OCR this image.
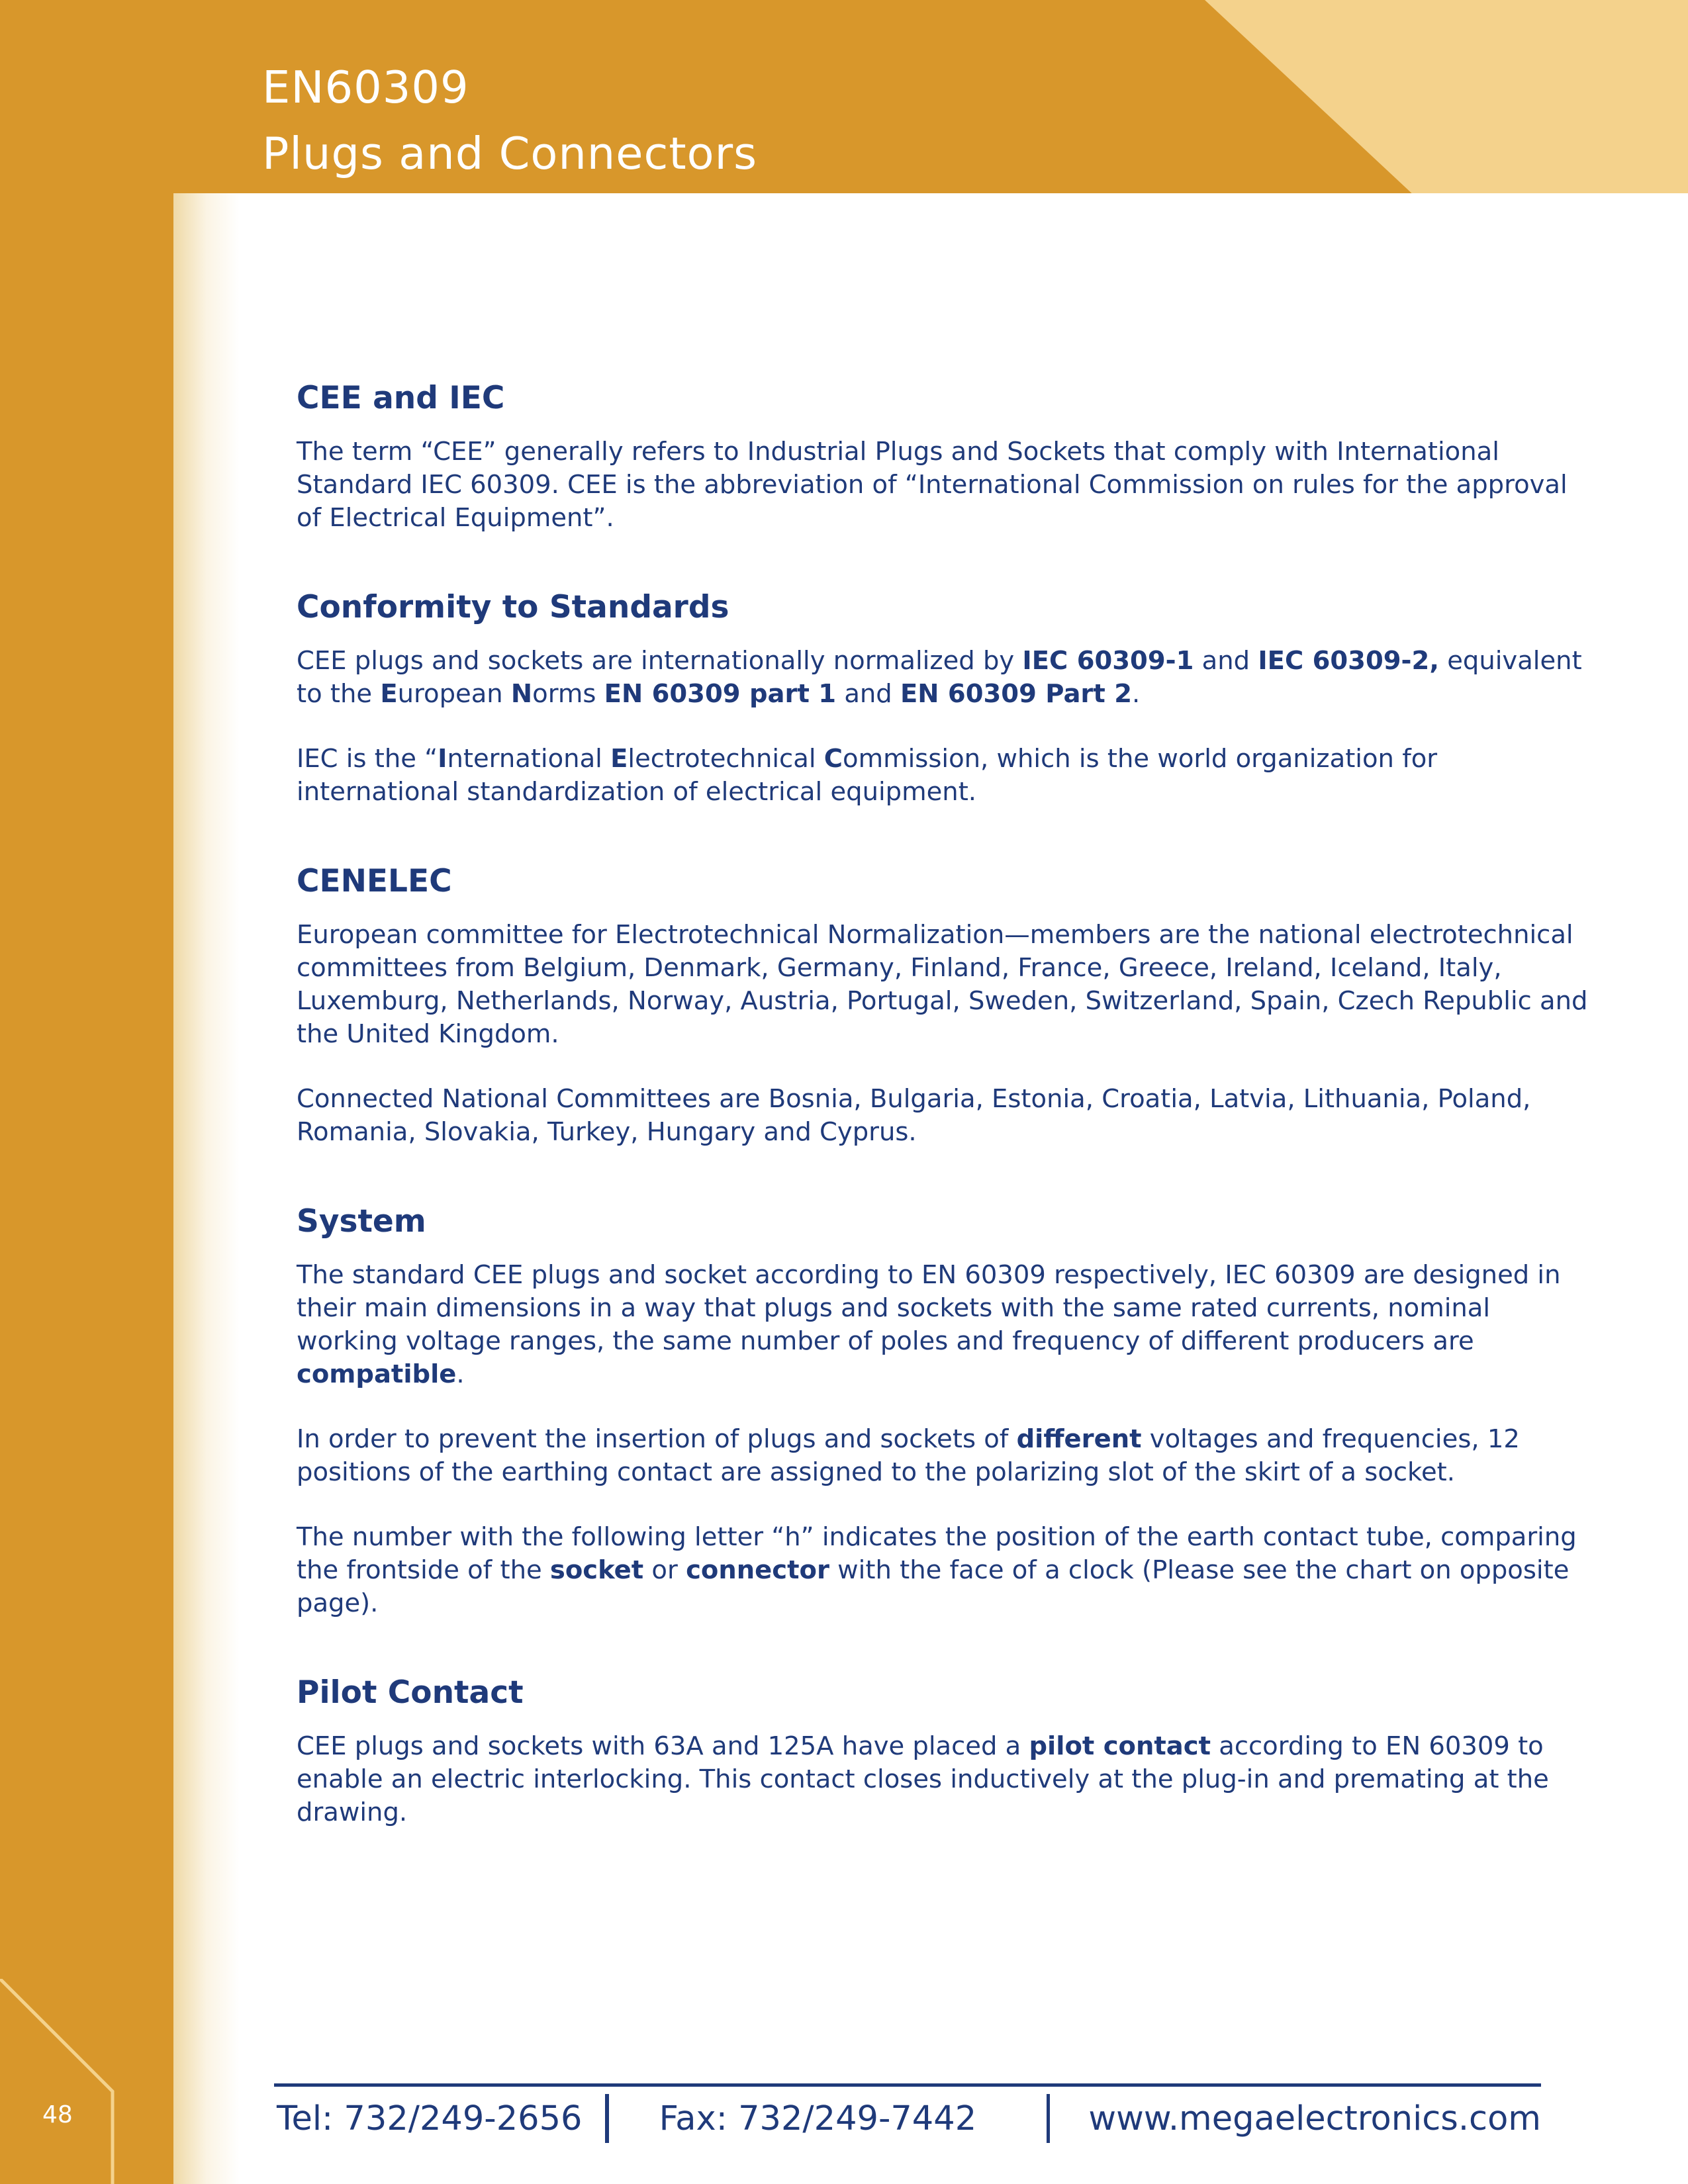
EN60309
Plugs and Connectors
CEE and IEC

The term “CEE” generally refers to Industrial Plugs and Sockets that comply with International Standard IEC 60309. CEE is the abbreviation of “International Commission on rules for the approval of Electrical Equipment”.

Conformity to Standards

CEE plugs and sockets are internationally normalized by IEC 60309-1 and IEC 60309-2, equivalent to the European Norms EN 60309 part 1 and EN 60309 Part 2.

IEC is the “International Electrotechnical Commission, which is the world organization for international standardization of electrical equipment.

CENELEC

European committee for Electrotechnical Normalization—members are the national electrotechnical committees from Belgium, Denmark, Germany, Finland, France, Greece, Ireland, Iceland, Italy, Luxemburg, Netherlands, Norway, Austria, Portugal, Sweden, Switzerland, Spain, Czech Republic and the United Kingdom.

Connected National Committees are Bosnia, Bulgaria, Estonia, Croatia, Latvia, Lithuania, Poland, Romania, Slovakia, Turkey, Hungary and Cyprus.

System

The standard CEE plugs and socket according to EN 60309 respectively, IEC 60309 are designed in their main dimensions in a way that plugs and sockets with the same rated currents, nominal working voltage ranges, the same number of poles and frequency of different producers are compatible.

In order to prevent the insertion of plugs and sockets of different voltages and frequencies, 12 positions of the earthing contact are assigned to the polarizing slot of the skirt of a socket.

The number with the following letter “h” indicates the position of the earth contact tube, comparing the frontside of the socket or connector with the face of a clock (Please see the chart on opposite page).

Pilot Contact

CEE plugs and sockets with 63A and 125A have placed a pilot contact according to EN 60309 to enable an electric interlocking. This contact closes inductively at the plug-in and premating at the drawing.

48	Tel: 732/249-2656	Fax: 732/249-7442	www.megaelectronics.com
